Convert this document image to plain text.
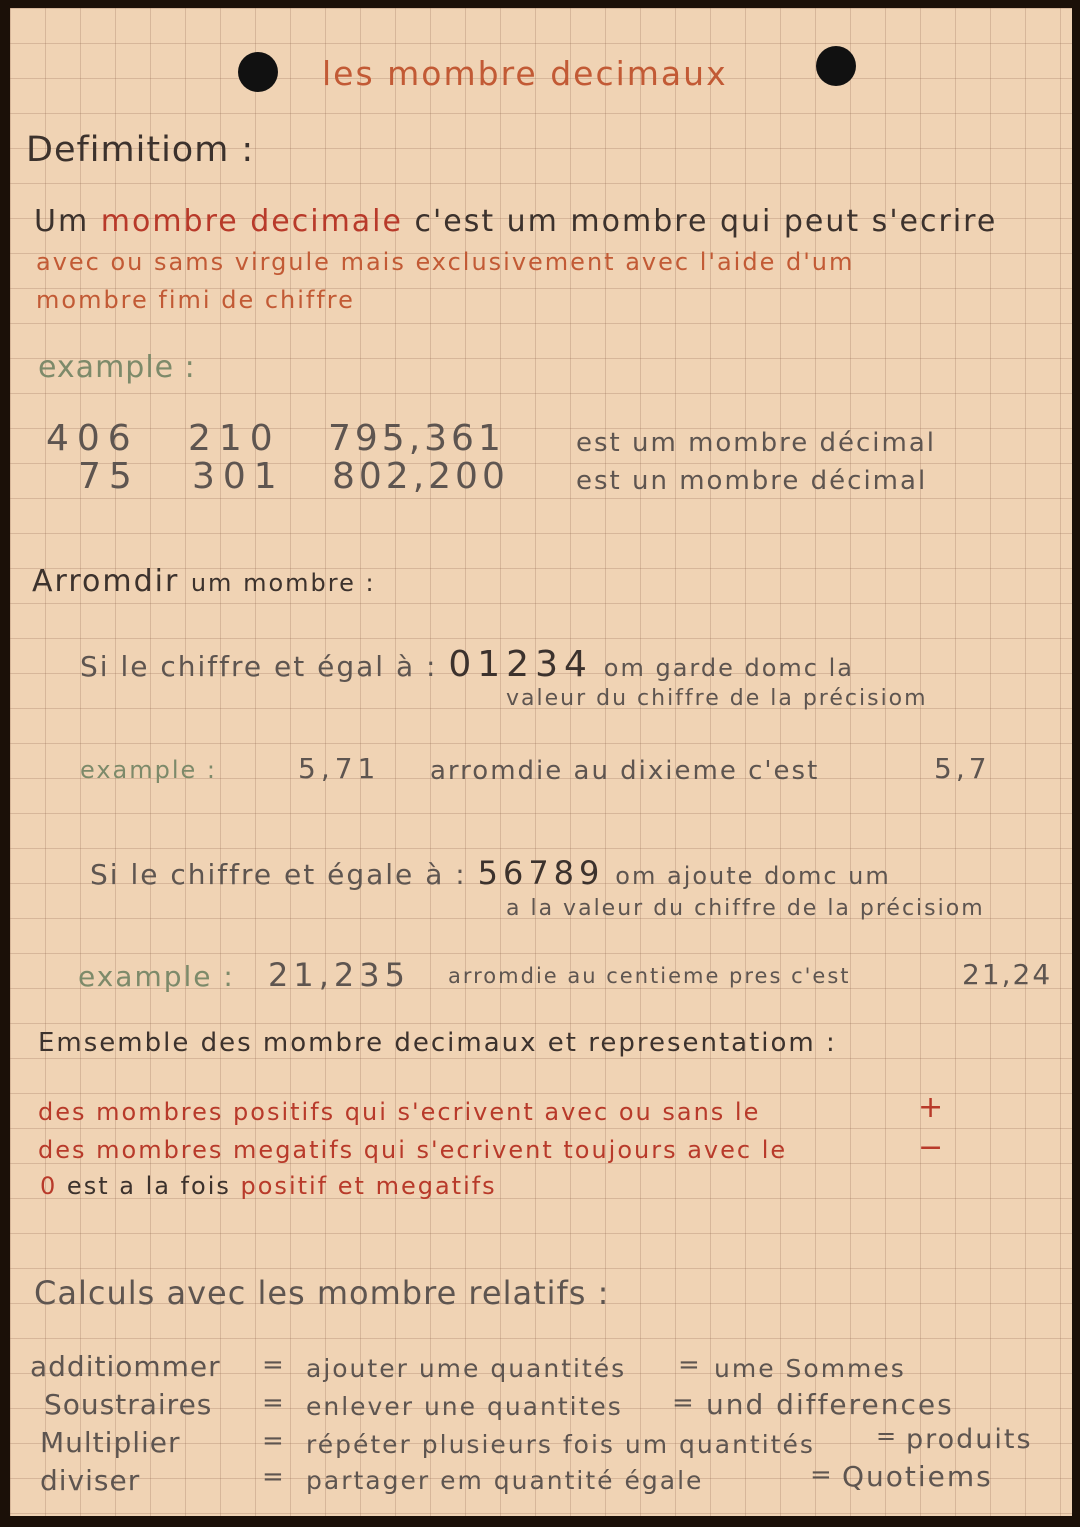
les mombre decimaux
Defimitiom :
Um mombre decimale c'est um mombre qui peut s'ecrire
avec ou sams virgule mais exclusivement avec l'aide d'um
mombre fimi de chiffre
example :
406 210 795,361	est um mombre décimal
75 301 802,200	est un mombre décimal
Arromdir um mombre :
Si le chiffre et égal à : 01234 om garde domc la
valeur du chiffre de la précisiom
example :	5,71 arromdie au dixieme c'est	5,7
Si le chiffre et égale à : 56789 om ajoute domc um
a la valeur du chiffre de la précisiom
example : 21,235 arromdie au centieme pres c'est	21,24
Emsemble des mombre decimaux et representatiom :
des mombres positifs qui s'ecrivent avec ou sans le	+
des mombres megatifs qui s'ecrivent toujours avec le	−
0 est a la fois positif et megatifs
Calculs avec les mombre relatifs :
additiommer = ajouter ume quantités = ume Sommes
Soustraires = enlever une quantites = und differences
Multiplier	= répéter plusieurs fois um quantités	= produits
diviser	= partager em quantité égale	= Quotiems
